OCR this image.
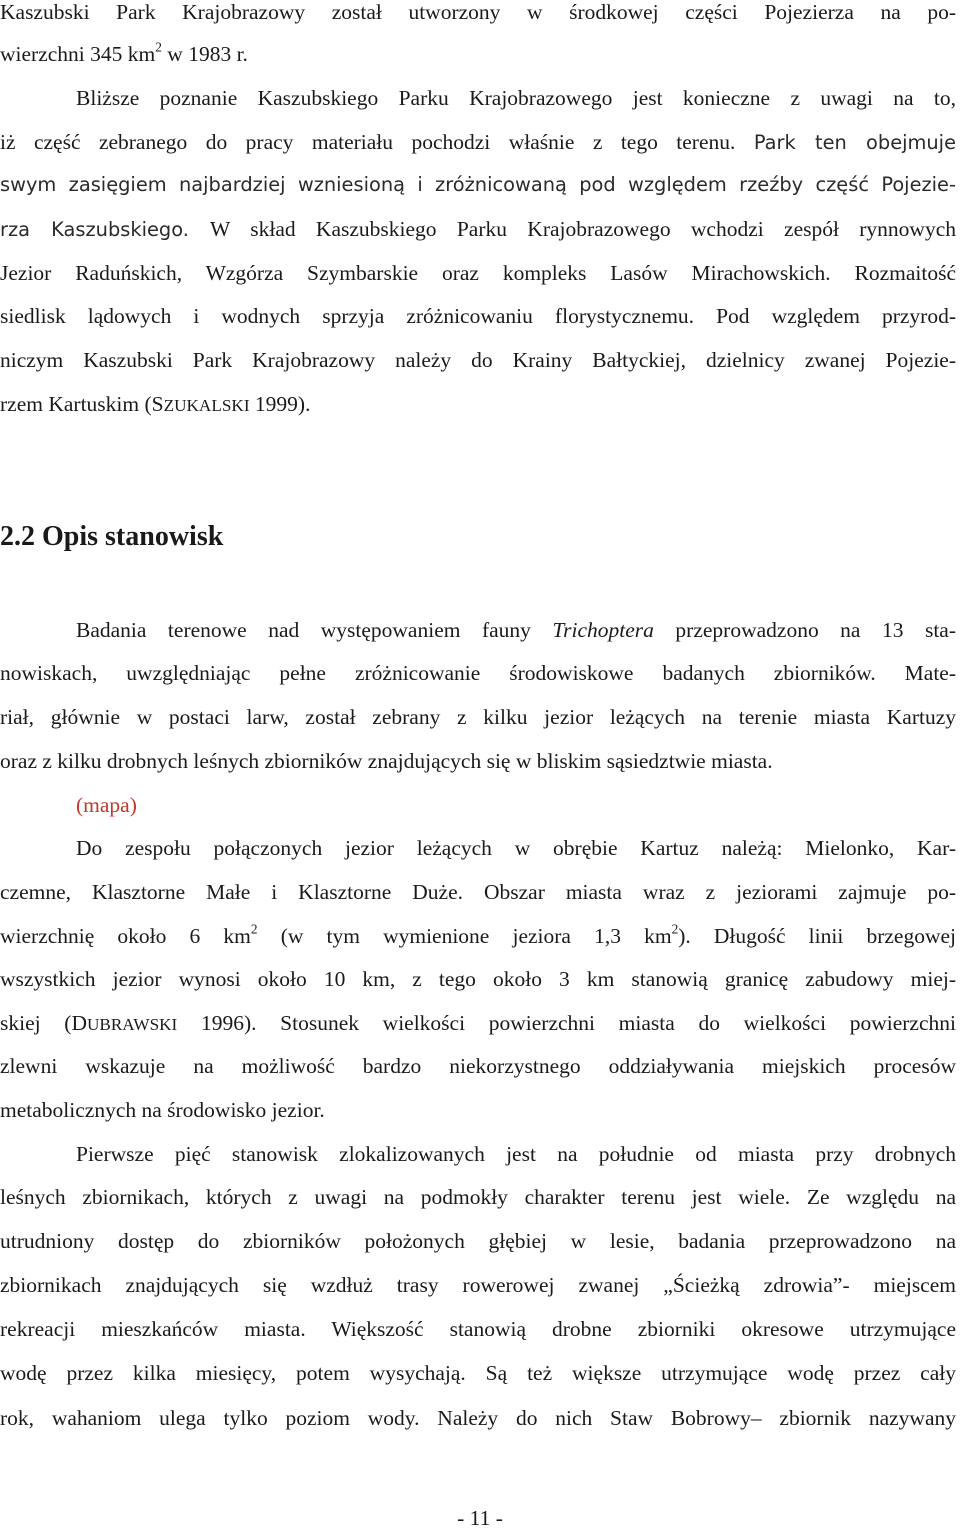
Kaszubski Park Krajobrazowy został utworzony w środkowej części Pojezierza na po-
wierzchni 345 $km^2$ w 1983 r.
Bliższe poznanie Kaszubskiego Parku Krajobrazowego jest konieczne z uwagi na to,
iż część zebranego do pracy materiału pochodzi właśnie z tego terenu. Park ten obejmuje
swym zasięgiem najbardziej wzniesioną i zróżnicowaną pod względem rzeźby część Pojezie-
rza Kaszubskiego. W skład Kaszubskiego Parku Krajobrazowego wchodzi zespół rynnowych
Jezior Raduńskich, Wzgórza Szymbarskie oraz kompleks Lasów Mirachowskich. Rozmaitość
siedlisk lądowych i wodnych sprzyja zróżnicowaniu florystycznemu. Pod względem przyrod-
niczym Kaszubski Park Krajobrazowy należy do Krainy Bałtyckiej, dzielnicy zwanej Pojezie-
rzem Kartuskim (SZUKALSKI 1999).
2.2 Opis stanowisk
Badania terenowe nad występowaniem fauny Trichoptera przeprowadzono na 13 sta-
nowiskach, uwzględniając pełne zróżnicowanie środowiskowe badanych zbiorników. Mate-
riał, głównie w postaci larw, został zebrany z kilku jezior leżących na terenie miasta Kartuzy
oraz z kilku drobnych leśnych zbiorników znajdujących się w bliskim sąsiedztwie miasta.
(mapa)
Do zespołu połączonych jezior leżących w obrębie Kartuz należą: Mielonko, Kar-
czemne, Klasztorne Małe i Klasztorne Duże. Obszar miasta wraz z jeziorami zajmuje po-
wierzchnię około 6 $km^2$ (w tym wymienione jeziora 1,3 $km^2$). Długość linii brzegowej
wszystkich jezior wynosi około 10 km, z tego około 3 km stanowią granicę zabudowy miej-
skiej (DUBRAWSKI 1996). Stosunek wielkości powierzchni miasta do wielkości powierzchni
zlewni wskazuje na możliwość bardzo niekorzystnego oddziaływania miejskich procesów
metabolicznych na środowisko jezior.
Pierwsze pięć stanowisk zlokalizowanych jest na południe od miasta przy drobnych
leśnych zbiornikach, których z uwagi na podmokły charakter terenu jest wiele. Ze względu na
utrudniony dostęp do zbiorników położonych głębiej w lesie, badania przeprowadzono na
zbiornikach znajdujących się wzdłuż trasy rowerowej zwanej „Ścieżką zdrowia”- miejscem
rekreacji mieszkańców miasta. Większość stanowią drobne zbiorniki okresowe utrzymujące
wodę przez kilka miesięcy, potem wysychają. Są też większe utrzymujące wodę przez cały
rok, wahaniom ulega tylko poziom wody. Należy do nich Staw Bobrowy– zbiornik nazywany
- 11 -
